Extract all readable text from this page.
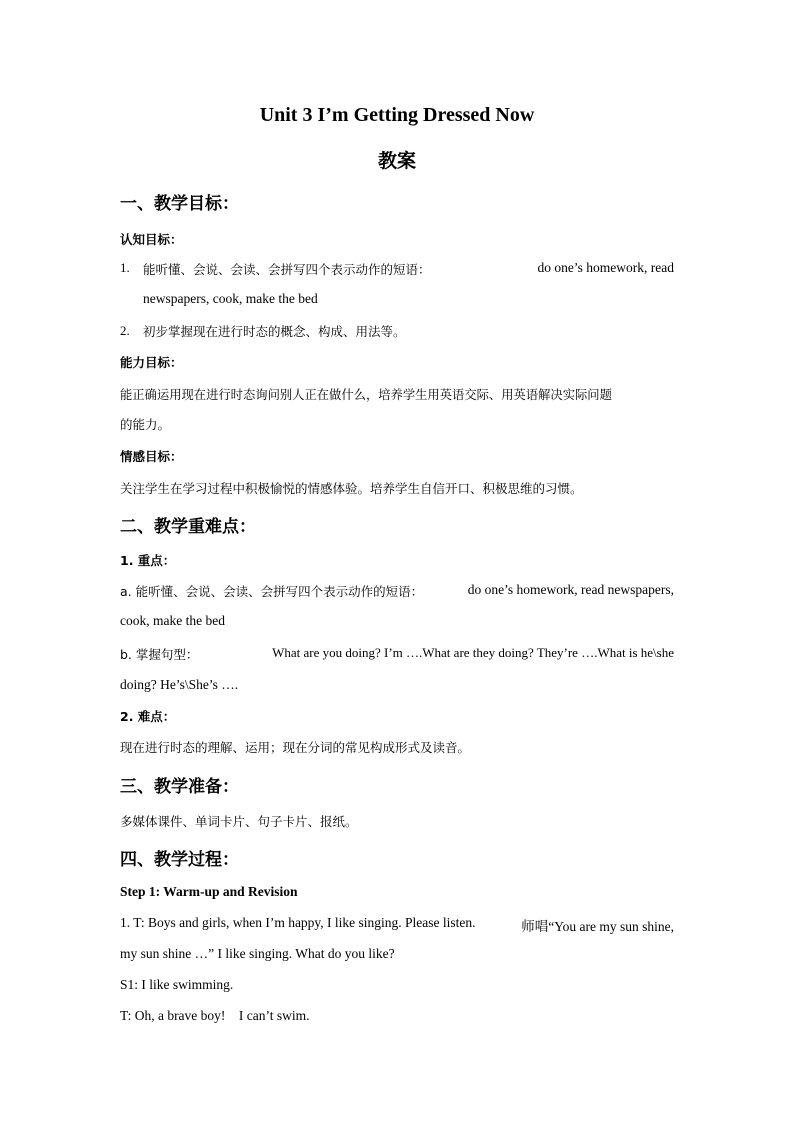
Unit 3 I’m Getting Dressed Now
教案
一、教学目标：
认知目标：
1. 能听懂、会说、会读、会拼写四个表示动作的短语：	do one’s homework, read
newspapers, cook, make the bed
2. 初步掌握现在进行时态的概念、构成、用法等。
能力目标：
能正确运用现在进行时态询问别人正在做什么，培养学生用英语交际、用英语解决实际问题
的能力。
情感目标：
关注学生在学习过程中积极愉悦的情感体验。培养学生自信开口、积极思维的习惯。
二、教学重难点：
1. 重点：
a. 能听懂、会说、会读、会拼写四个表示动作的短语：	do one’s homework, read newspapers,
cook, make the bed
b. 掌握句型：	What are you doing? I’m ….What are they doing? They’re ….What is he\she
doing? He’s\She’s ….
2. 难点：
现在进行时态的理解、运用；现在分词的常见构成形式及读音。
三、教学准备：
多媒体课件、单词卡片、句子卡片、报纸。
四、教学过程：
Step 1: Warm-up and Revision
1. T: Boys and girls, when I’m happy, I like singing. Please listen.	师唱“You are my sun shine,
my sun shine …” I like singing. What do you like?
S1: I like swimming.
T: Oh, a brave boy!    I can’t swim.
